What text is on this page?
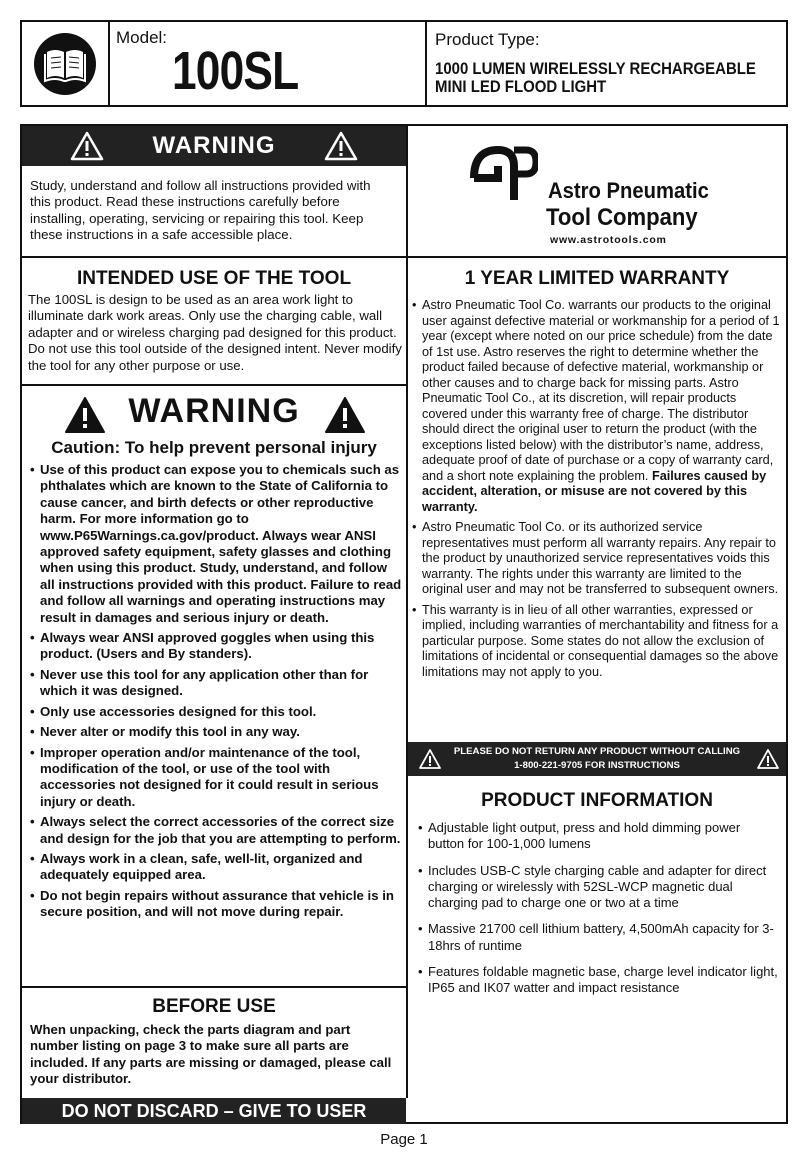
Model:
100SL
Product Type:
1000 LUMEN WIRELESSLY RECHARGEABLE
MINI LED FLOOD LIGHT
WARNING
Study, understand and follow all instructions provided with this product. Read these instructions carefully before installing, operating, servicing or repairing this tool. Keep these instructions in a safe accessible place.
Astro Pneumatic
Tool Company
www.astrotools.com
INTENDED USE OF THE TOOL
The 100SL is design to be used as an area work light to illuminate dark work areas. Only use the charging cable, wall adapter and or wireless charging pad designed for this product. Do not use this tool outside of the designed intent. Never modify the tool for any other purpose or use.
WARNING
Caution: To help prevent personal injury
• Use of this product can expose you to chemicals such as phthalates which are known to the State of California to cause cancer, and birth defects or other reproductive harm. For more information go to www.P65Warnings.ca.gov/product. Always wear ANSI approved safety equipment, safety glasses and clothing when using this product. Study, understand, and follow all instructions provided with this product. Failure to read and follow all warnings and operating instructions may result in damages and serious injury or death.
• Always wear ANSI approved goggles when using this product. (Users and By standers).
• Never use this tool for any application other than for which it was designed.
• Only use accessories designed for this tool.
• Never alter or modify this tool in any way.
• Improper operation and/or maintenance of the tool, modification of the tool, or use of the tool with accessories not designed for it could result in serious injury or death.
• Always select the correct accessories of the correct size and design for the job that you are attempting to perform.
• Always work in a clean, safe, well-lit, organized and adequately equipped area.
• Do not begin repairs without assurance that vehicle is in secure position, and will not move during repair.
BEFORE USE
When unpacking, check the parts diagram and part number listing on page 3 to make sure all parts are included. If any parts are missing or damaged, please call your distributor.
DO NOT DISCARD – GIVE TO USER
1 YEAR LIMITED WARRANTY
• Astro Pneumatic Tool Co. warrants our products to the original user against defective material or workmanship for a period of 1 year (except where noted on our price schedule) from the date of 1st use. Astro reserves the right to determine whether the product failed because of defective material, workmanship or other causes and to charge back for missing parts. Astro Pneumatic Tool Co., at its discretion, will repair products covered under this warranty free of charge. The distributor should direct the original user to return the product (with the exceptions listed below) with the distributor’s name, address, adequate proof of date of purchase or a copy of warranty card, and a short note explaining the problem. Failures caused by accident, alteration, or misuse are not covered by this warranty.
• Astro Pneumatic Tool Co. or its authorized service representatives must perform all warranty repairs. Any repair to the product by unauthorized service representatives voids this warranty. The rights under this warranty are limited to the original user and may not be transferred to subsequent owners.
• This warranty is in lieu of all other warranties, expressed or implied, including warranties of merchantability and fitness for a particular purpose. Some states do not allow the exclusion of limitations of incidental or consequential damages so the above limitations may not apply to you.
PLEASE DO NOT RETURN ANY PRODUCT WITHOUT CALLING
1-800-221-9705 FOR INSTRUCTIONS
PRODUCT INFORMATION
• Adjustable light output, press and hold dimming power button for 100-1,000 lumens
• Includes USB-C style charging cable and adapter for direct charging or wirelessly with 52SL-WCP magnetic dual charging pad to charge one or two at a time
• Massive 21700 cell lithium battery, 4,500mAh capacity for 3-18hrs of runtime
• Features foldable magnetic base, charge level indicator light, IP65 and IK07 watter and impact resistance
Page 1
